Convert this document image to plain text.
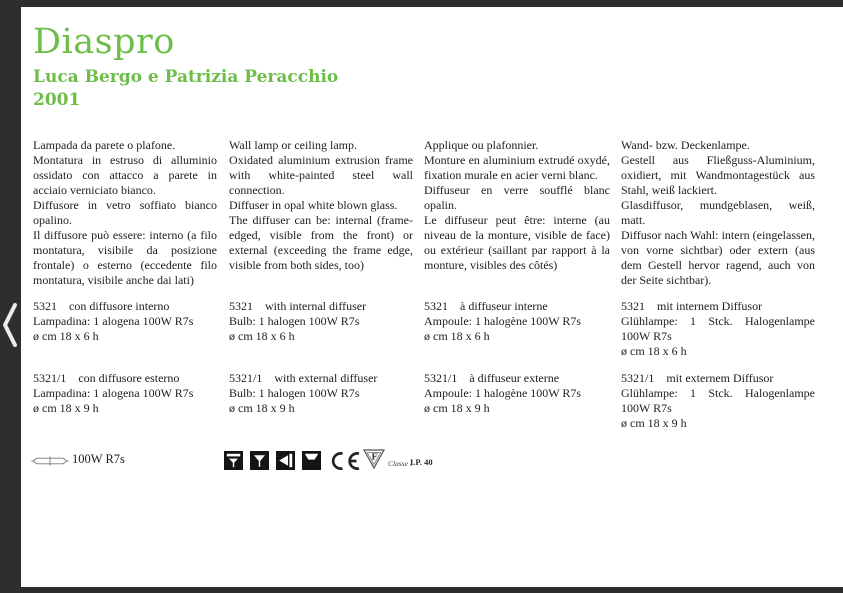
Diaspro
Luca Bergo e Patrizia Peracchio
2001

Lampada da parete o plafone.

Montatura in estruso di alluminio ossidato con attacco a parete in acciaio verniciato bianco.

Diffusore in vetro soffiato bianco opalino.

Il diffusore può essere: interno (a filo montatura, visibile da posizione frontale) o esterno (eccedente filo montatura, visibile anche dai lati)

Wall lamp or ceiling lamp.

Oxidated aluminium extrusion frame with white-painted steel wall connection.

Diffuser in opal white blown glass.

The diffuser can be: internal (frame-edged, visible from the front) or external (exceeding the frame edge, visible from both sides, too)

Applique ou plafonnier.

Monture en aluminium extrudé oxydé, fixation murale en acier verni blanc.

Diffuseur en verre soufflé blanc opalin.

Le diffuseur peut être: interne (au niveau de la monture, visible de face) ou extérieur (saillant par rapport à la monture, visibles des côtés)

Wand- bzw. Deckenlampe.

Gestell aus Fließguss-Aluminium, oxidiert, mit Wandmontagestück aus Stahl, weiß lackiert.

Glasdiffusor, mundgeblasen, weiß, matt.

Diffusor nach Wahl: intern (eingelassen, von vorne sichtbar) oder extern (aus dem Gestell hervor ragend, auch von der Seite sichtbar).

5321 con diffusore interno

Lampadina: 1 alogena 100W R7s

ø cm 18 x 6 h

5321 with internal diffuser

Bulb: 1 halogen 100W R7s

ø cm 18 x 6 h

5321 à diffuseur interne

Ampoule: 1 halogène 100W R7s

ø cm 18 x 6 h

5321 mit internem Diffusor

Glühlampe: 1 Stck. Halogenlampe 100W R7s

ø cm 18 x 6 h

5321/1 con diffusore esterno

Lampadina: 1 alogena 100W R7s

ø cm 18 x 9 h

5321/1 with external diffuser

Bulb: 1 halogen 100W R7s

ø cm 18 x 9 h

5321/1 à diffuseur externe

Ampoule: 1 halogène 100W R7s

ø cm 18 x 9 h

5321/1 mit externem Diffusor

Glühlampe: 1 Stck. Halogenlampe 100W R7s

ø cm 18 x 9 h

100W R7s	F
Classe I
I.P. 40
